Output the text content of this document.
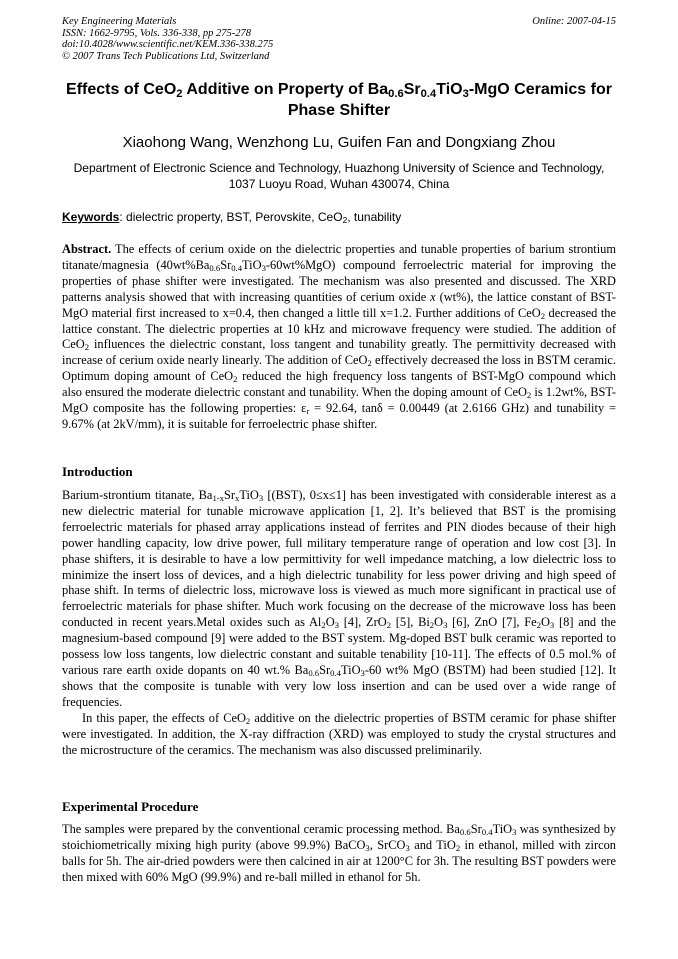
Key Engineering Materials
ISSN: 1662-9795, Vols. 336-338, pp 275-278
doi:10.4028/www.scientific.net/KEM.336-338.275
© 2007 Trans Tech Publications Ltd, Switzerland
Online: 2007-04-15
Effects of CeO$_2$ Additive on Property of $Ba_{0.6}Sr_{0.4}TiO_3$-MgO Ceramics for Phase Shifter
Xiaohong Wang, Wenzhong Lu, Guifen Fan and Dongxiang Zhou
Department of Electronic Science and Technology, Huazhong University of Science and Technology,
1037 Luoyu Road, Wuhan 430074, China
Keywords: dielectric property, BST, Perovskite, CeO$_2$, tunability

Abstract. The effects of cerium oxide on the dielectric properties and tunable properties of barium strontium titanate/magnesia $(40wt\%Ba_{0.6}Sr_{0.4}TiO_3-60wt\%MgO)$ compound ferroelectric material for improving the properties of phase shifter were investigated. The mechanism was also presented and discussed. The XRD patterns analysis showed that with increasing quantities of cerium oxide x (wt%), the lattice constant of BST-MgO material first increased to x=0.4, then changed a little till x=1.2. Further additions of CeO$_2$ decreased the lattice constant. The dielectric properties at 10 kHz and microwave frequency were studied. The addition of CeO$_2$ influences the dielectric constant, loss tangent and tunability greatly. The permittivity decreased with increase of cerium oxide nearly linearly. The addition of CeO$_2$ effectively decreased the loss in BSTM ceramic. Optimum doping amount of CeO$_2$ reduced the high frequency loss tangents of BST-MgO compound which also ensured the moderate dielectric constant and tunability. When the doping amount of CeO$_2$ is 1.2wt%, BST-MgO composite has the following properties: $\varepsilon_r = 92.64$, tanδ = 0.00449 (at 2.6166 GHz) and tunability = 9.67% (at 2kV/mm), it is suitable for ferroelectric phase shifter.

Introduction

Barium-strontium titanate, $Ba_{1-x}Sr_xTiO_3$ [(BST), 0≤x≤1] has been investigated with considerable interest as a new dielectric material for tunable microwave application [1, 2]. It’s believed that BST is the promising ferroelectric materials for phased array applications instead of ferrites and PIN diodes because of their high power handling capacity, low drive power, full military temperature range of operation and low cost [3]. In phase shifters, it is desirable to have a low permittivity for well impedance matching, a low dielectric loss to minimize the insert loss of devices, and a high dielectric tunability for less power driving and high speed of phase shift. In terms of dielectric loss, microwave loss is viewed as much more significant in practical use of ferroelectric materials for phase shifter. Much work focusing on the decrease of the microwave loss has been conducted in recent years.Metal oxides such as $Al_2O_3$ [4], ZrO$_2$ [5], $Bi_2O_3$ [6], ZnO [7], $Fe_2O_3$ [8] and the magnesium-based compound [9] were added to the BST system. Mg-doped BST bulk ceramic was reported to possess low loss tangents, low dielectric constant and suitable tenability [10-11]. The effects of 0.5 mol.% of various rare earth oxide dopants on 40 wt.% $Ba_{0.6}Sr_{0.4}TiO_3-60$ wt% MgO (BSTM) had been studied [12]. It shows that the composite is tunable with very low loss insertion and can be used over a wide range of frequencies.

In this paper, the effects of CeO$_2$ additive on the dielectric properties of BSTM ceramic for phase shifter were investigated. In addition, the X-ray diffraction (XRD) was employed to study the crystal structures and the microstructure of the ceramics. The mechanism was also discussed preliminarily.

Experimental Procedure

The samples were prepared by the conventional ceramic processing method. $Ba_{0.6}Sr_{0.4}TiO_3$ was synthesized by stoichiometrically mixing high purity (above 99.9%) BaCO$_3$, SrCO$_3$ and TiO$_2$ in ethanol, milled with zircon balls for 5h. The air-dried powders were then calcined in air at 1200°C for 3h. The resulting BST powders were then mixed with 60% MgO (99.9%) and re-ball milled in ethanol for 5h.
